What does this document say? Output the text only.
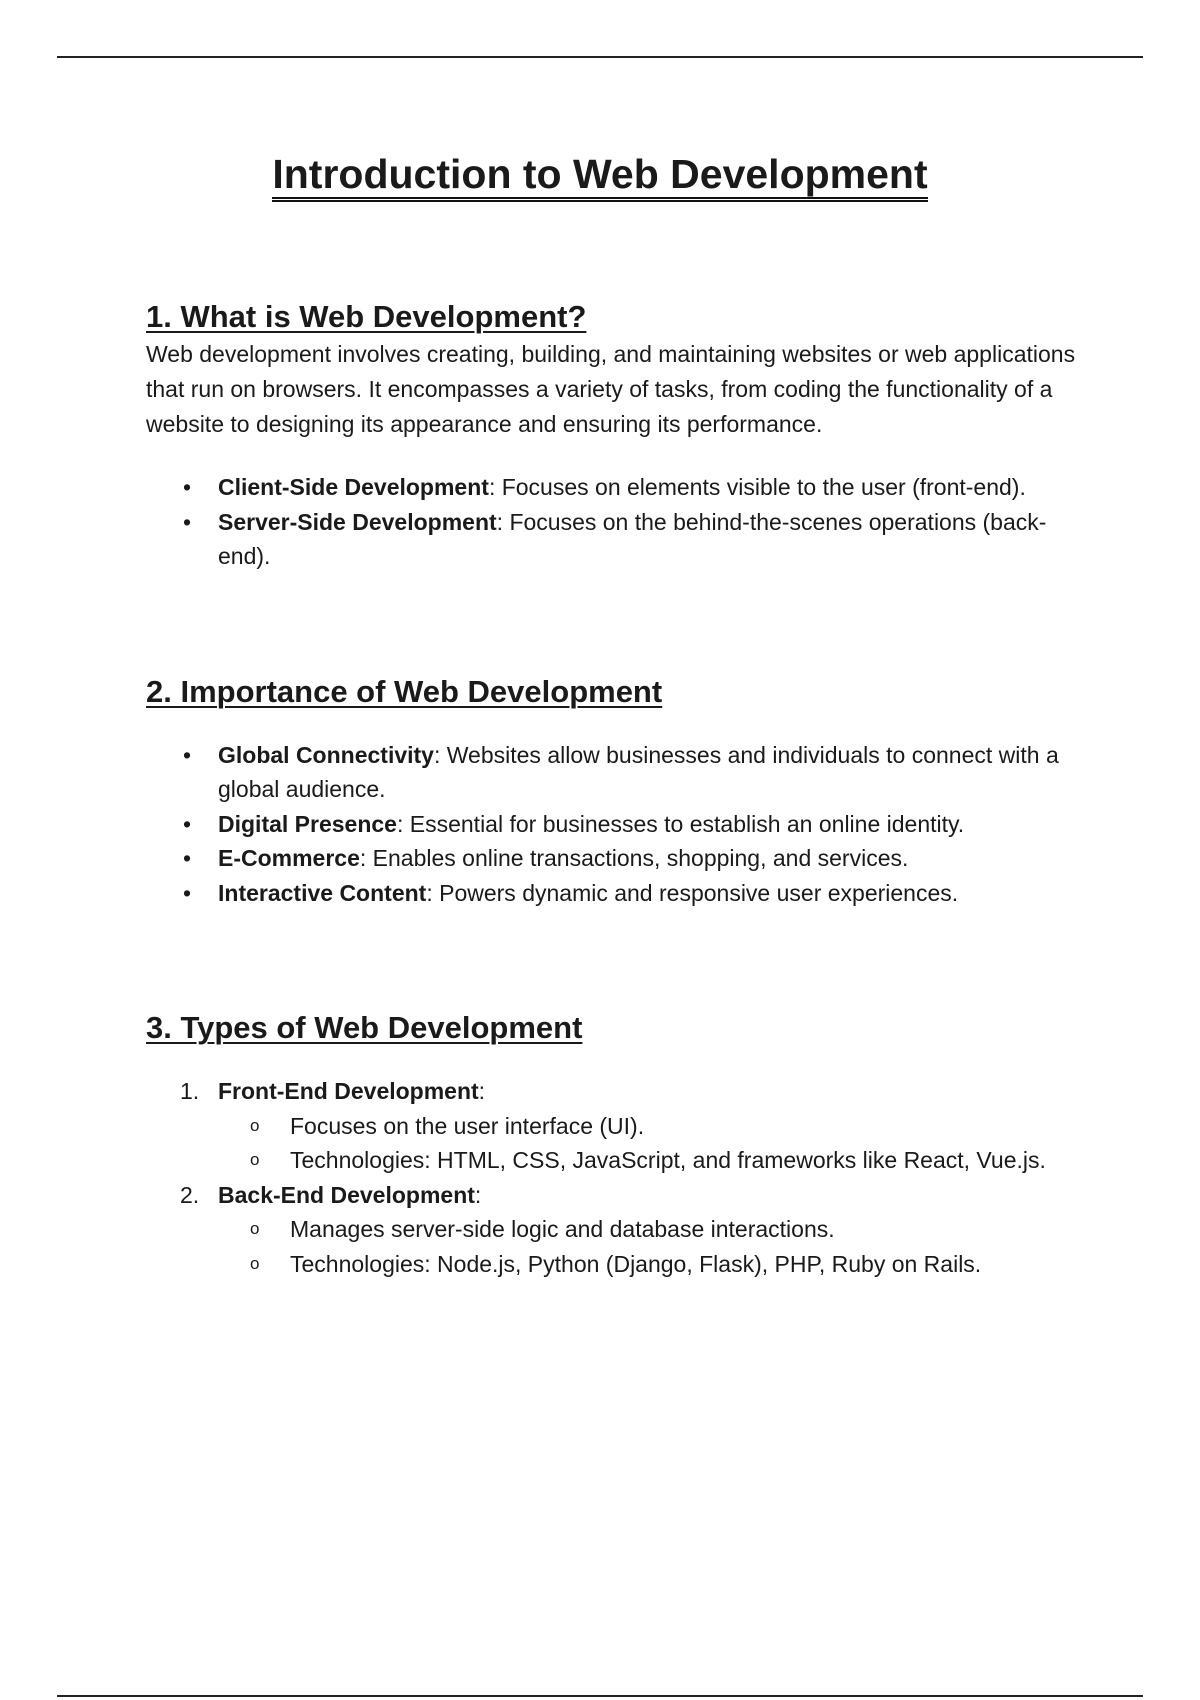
Introduction to Web Development
1. What is Web Development?

Web development involves creating, building, and maintaining websites or web applications that run on browsers. It encompasses a variety of tasks, from coding the functionality of a website to designing its appearance and ensuring its performance.

• Client-Side Development: Focuses on elements visible to the user (front-end).
• Server-Side Development: Focuses on the behind-the-scenes operations (back-end).
2. Importance of Web Development
• Global Connectivity: Websites allow businesses and individuals to connect with a global audience.
• Digital Presence: Essential for businesses to establish an online identity.
• E-Commerce: Enables online transactions, shopping, and services.
• Interactive Content: Powers dynamic and responsive user experiences.
3. Types of Web Development
1. Front-End Development:
o Focuses on the user interface (UI).
o Technologies: HTML, CSS, JavaScript, and frameworks like React, Vue.js.
2. Back-End Development:
o Manages server-side logic and database interactions.
o Technologies: Node.js, Python (Django, Flask), PHP, Ruby on Rails.
